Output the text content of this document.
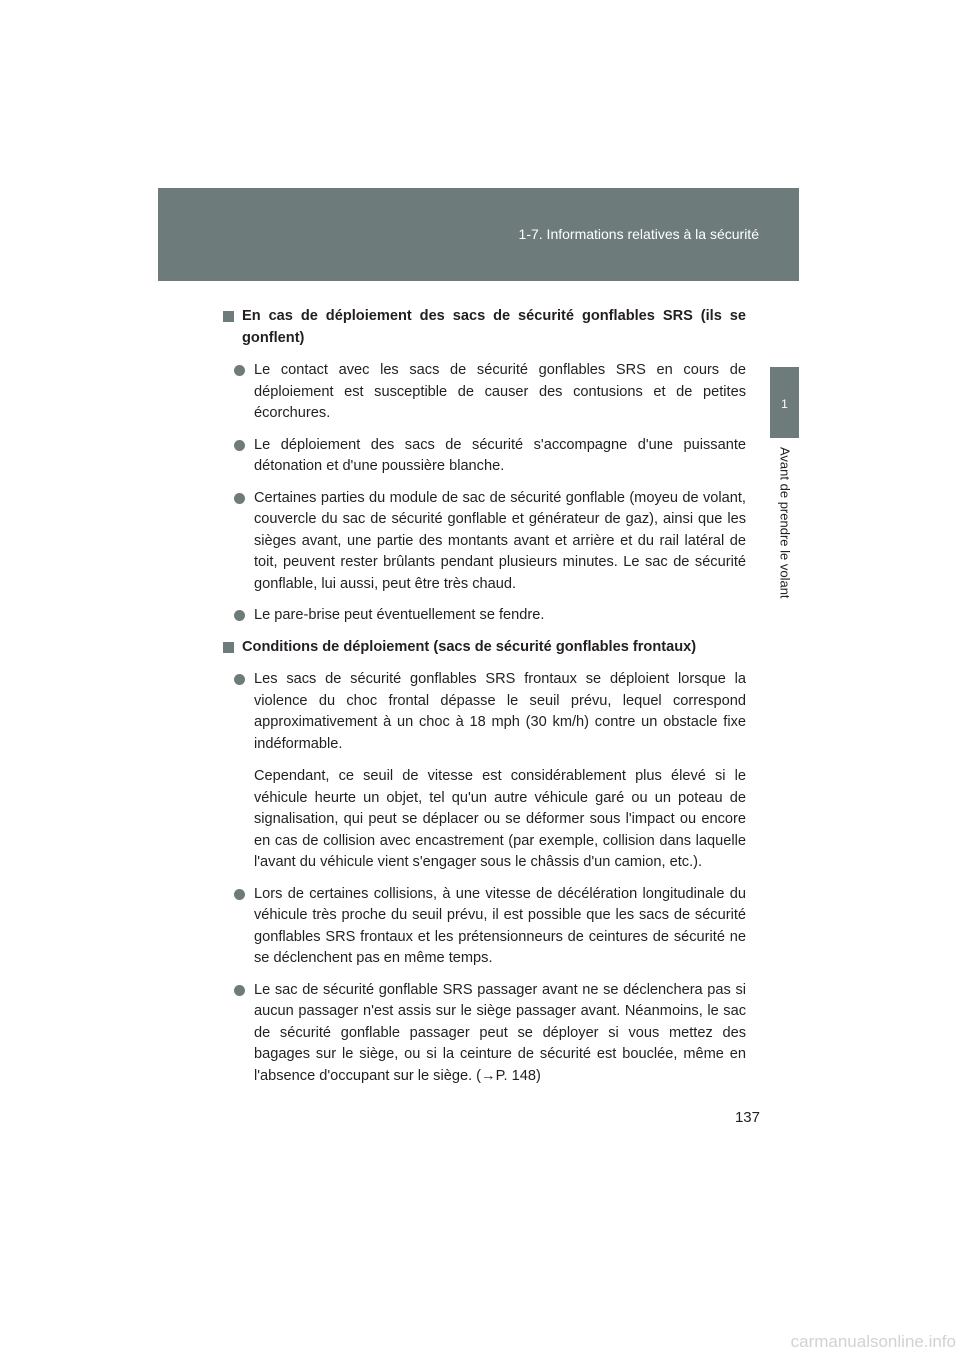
1-7. Informations relatives à la sécurité
1
Avant de prendre le volant
En cas de déploiement des sacs de sécurité gonflables SRS (ils se gonflent)

Le contact avec les sacs de sécurité gonflables SRS en cours de déploiement est susceptible de causer des contusions et de petites écorchures.

Le déploiement des sacs de sécurité s'accompagne d'une puissante détonation et d'une poussière blanche.

Certaines parties du module de sac de sécurité gonflable (moyeu de volant, couvercle du sac de sécurité gonflable et générateur de gaz), ainsi que les sièges avant, une partie des montants avant et arrière et du rail latéral de toit, peuvent rester brûlants pendant plusieurs minutes. Le sac de sécurité gonflable, lui aussi, peut être très chaud.

Le pare-brise peut éventuellement se fendre.

Conditions de déploiement (sacs de sécurité gonflables frontaux)

Les sacs de sécurité gonflables SRS frontaux se déploient lorsque la violence du choc frontal dépasse le seuil prévu, lequel correspond approximativement à un choc à 18 mph (30 km/h) contre un obstacle fixe indéformable.

Cependant, ce seuil de vitesse est considérablement plus élevé si le véhicule heurte un objet, tel qu'un autre véhicule garé ou un poteau de signalisation, qui peut se déplacer ou se déformer sous l'impact ou encore en cas de collision avec encastrement (par exemple, collision dans laquelle l'avant du véhicule vient s'engager sous le châssis d'un camion, etc.).

Lors de certaines collisions, à une vitesse de décélération longitudinale du véhicule très proche du seuil prévu, il est possible que les sacs de sécurité gonflables SRS frontaux et les prétensionneurs de ceintures de sécurité ne se déclenchent pas en même temps.

Le sac de sécurité gonflable SRS passager avant ne se déclenchera pas si aucun passager n'est assis sur le siège passager avant. Néanmoins, le sac de sécurité gonflable passager peut se déployer si vous mettez des bagages sur le siège, ou si la ceinture de sécurité est bouclée, même en l'absence d'occupant sur le siège. (→P. 148)

137
carmanualsonline.info
